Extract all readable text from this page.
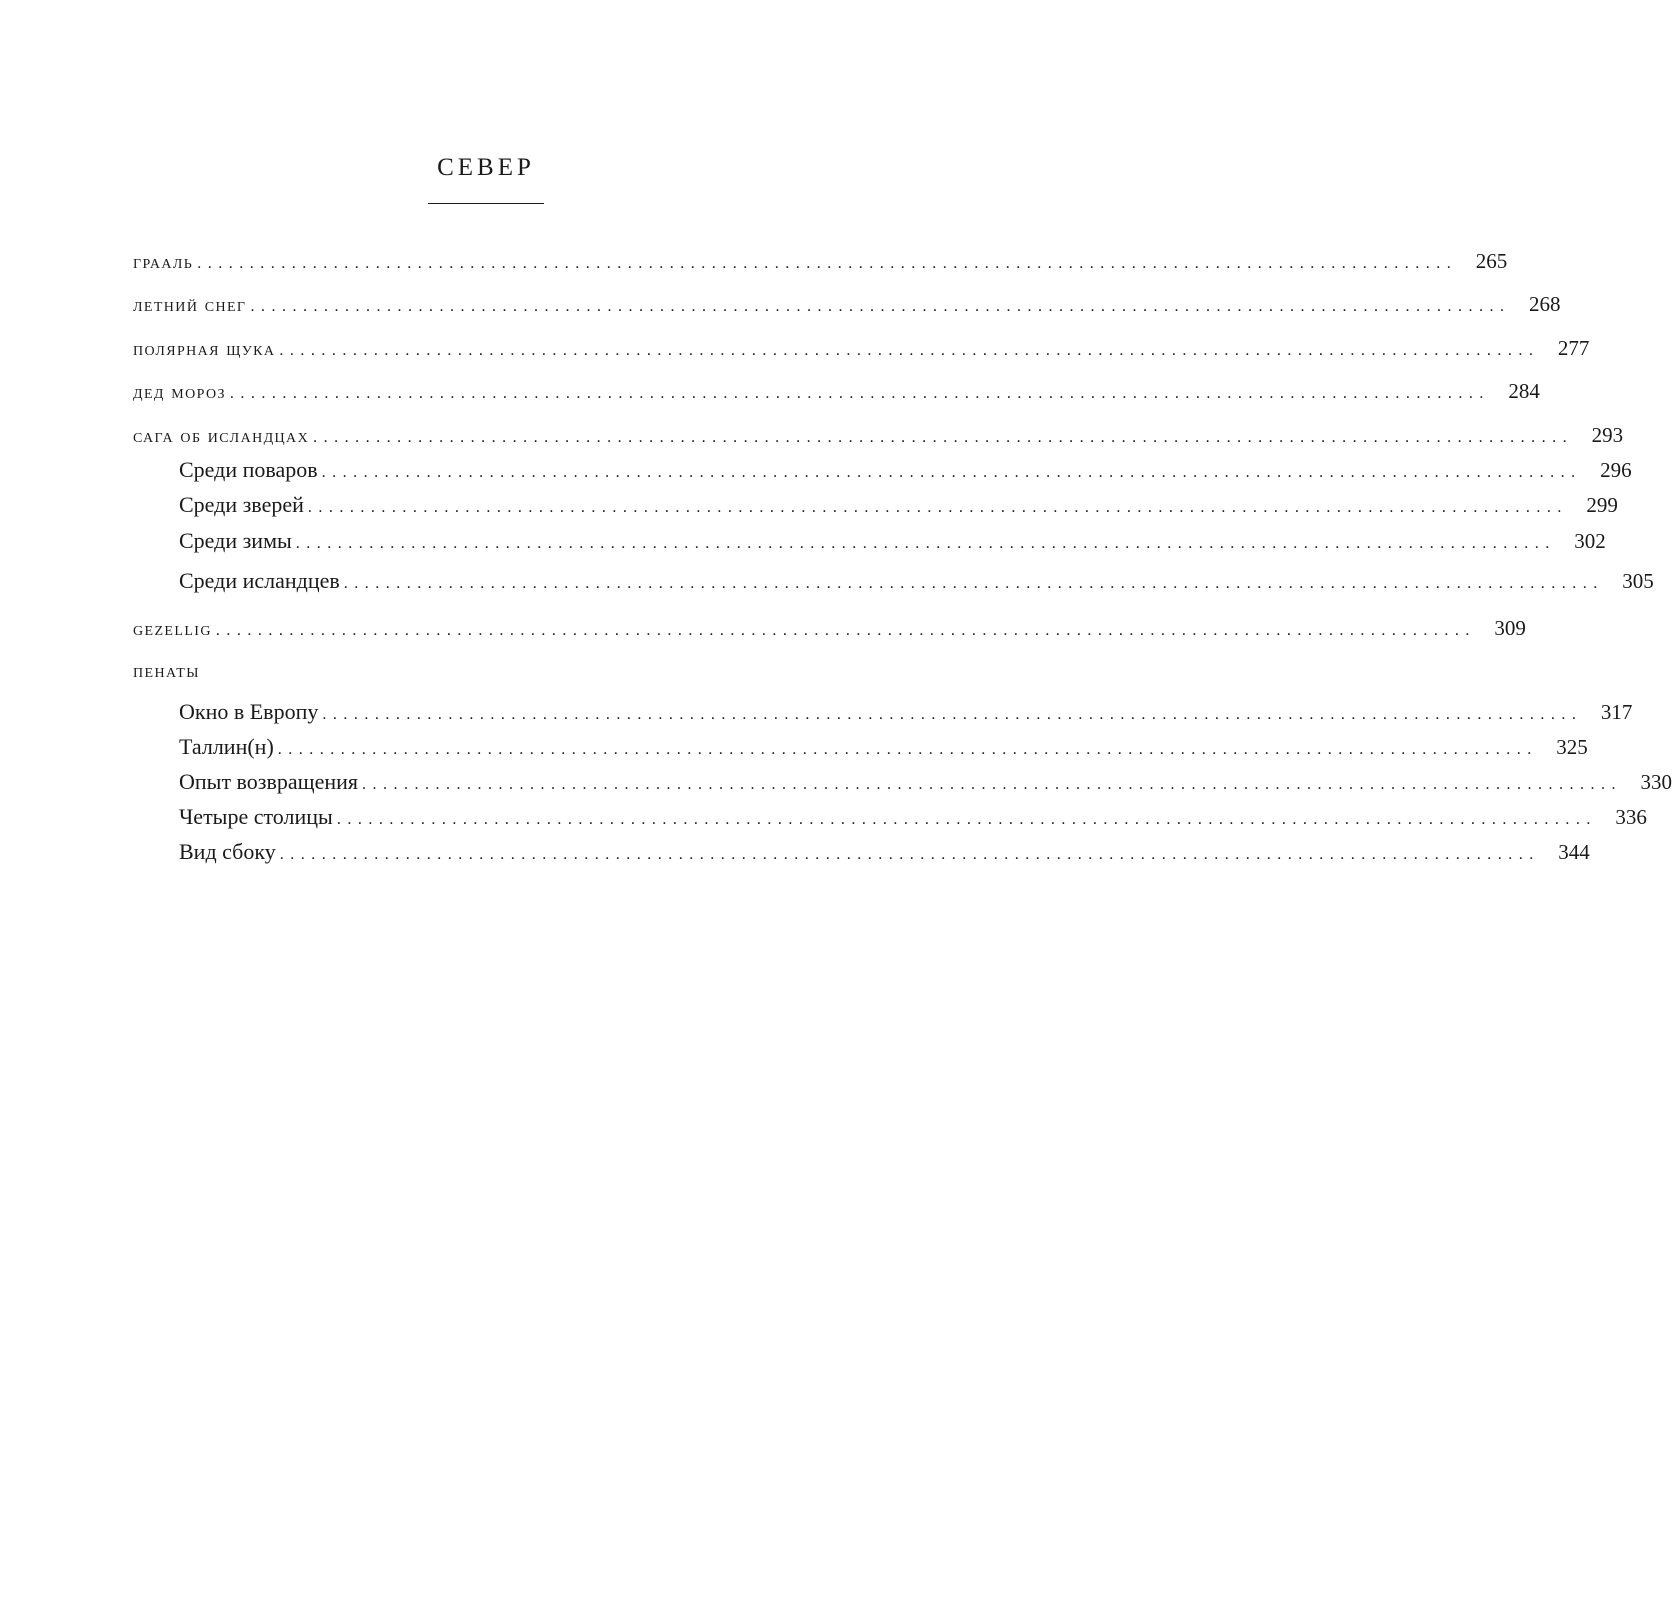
север
грааль ........................................................................................................................ 265
летний снег ........................................................................................................................ 268
полярная щука ........................................................................................................................ 277
дед мороз ........................................................................................................................ 284
сага об исландцах ........................................................................................................................ 293
Среди поваров ........................................................................................................................ 296
Среди зверей ........................................................................................................................ 299
Среди зимы ........................................................................................................................ 302
Среди исландцев ........................................................................................................................ 305
gezellig ........................................................................................................................ 309
пенаты
Окно в Европу ........................................................................................................................ 317
Таллин(н) ........................................................................................................................ 325
Опыт возвращения ........................................................................................................................ 330
Четыре столицы ........................................................................................................................ 336
Вид сбоку ........................................................................................................................ 344
